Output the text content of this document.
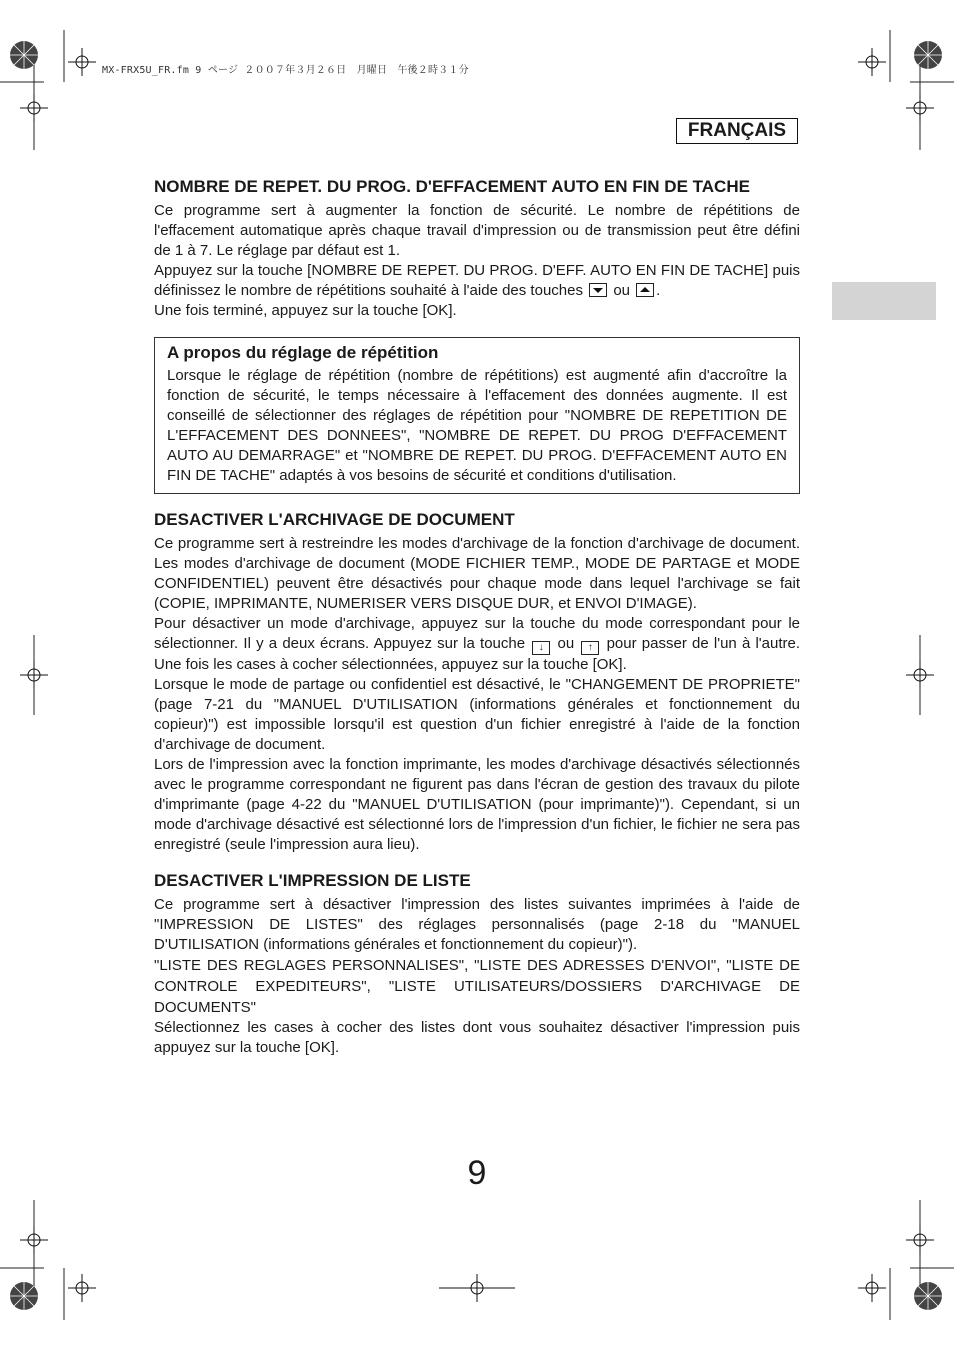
MX-FRX5U_FR.fm 9 ページ ２００７年３月２６日　月曜日　午後２時３１分
FRANÇAIS
NOMBRE DE REPET. DU PROG. D'EFFACEMENT AUTO EN FIN DE TACHE

Ce programme sert à augmenter la fonction de sécurité. Le nombre de répétitions de l'effacement automatique après chaque travail d'impression ou de transmission peut être défini de 1 à 7. Le réglage par défaut est 1.

Appuyez sur la touche [NOMBRE DE REPET. DU PROG. D'EFF. AUTO EN FIN DE TACHE] puis définissez le nombre de répétitions souhaité à l'aide des touches ou .

Une fois terminé, appuyez sur la touche [OK].

A propos du réglage de répétition

Lorsque le réglage de répétition (nombre de répétitions) est augmenté afin d'accroître la fonction de sécurité, le temps nécessaire à l'effacement des données augmente. Il est conseillé de sélectionner des réglages de répétition pour "NOMBRE DE REPETITION DE L'EFFACEMENT DES DONNEES", "NOMBRE DE REPET. DU PROG D'EFFACEMENT AUTO AU DEMARRAGE" et "NOMBRE DE REPET. DU PROG. D'EFFACEMENT AUTO EN FIN DE TACHE" adaptés à vos besoins de sécurité et conditions d'utilisation.

DESACTIVER L'ARCHIVAGE DE DOCUMENT

Ce programme sert à restreindre les modes d'archivage de la fonction d'archivage de document. Les modes d'archivage de document (MODE FICHIER TEMP., MODE DE PARTAGE et MODE CONFIDENTIEL) peuvent être désactivés pour chaque mode dans lequel l'archivage se fait (COPIE, IMPRIMANTE, NUMERISER VERS DISQUE DUR, et ENVOI D'IMAGE).

Pour désactiver un mode d'archivage, appuyez sur la touche du mode correspondant pour le sélectionner. Il y a deux écrans. Appuyez sur la touche ↓ ou ↑ pour passer de l'un à l'autre. Une fois les cases à cocher sélectionnées, appuyez sur la touche [OK].

Lorsque le mode de partage ou confidentiel est désactivé, le "CHANGEMENT DE PROPRIETE" (page 7-21 du "MANUEL D'UTILISATION (informations générales et fonctionnement du copieur)") est impossible lorsqu'il est question d'un fichier enregistré à l'aide de la fonction d'archivage de document.

Lors de l'impression avec la fonction imprimante, les modes d'archivage désactivés sélectionnés avec le programme correspondant ne figurent pas dans l'écran de gestion des travaux du pilote d'imprimante (page 4-22 du "MANUEL D'UTILISATION (pour imprimante)"). Cependant, si un mode d'archivage désactivé est sélectionné lors de l'impression d'un fichier, le fichier ne sera pas enregistré (seule l'impression aura lieu).

DESACTIVER L'IMPRESSION DE LISTE

Ce programme sert à désactiver l'impression des listes suivantes imprimées à l'aide de "IMPRESSION DE LISTES" des réglages personnalisés (page 2-18 du "MANUEL D'UTILISATION (informations générales et fonctionnement du copieur)").

"LISTE DES REGLAGES PERSONNALISES", "LISTE DES ADRESSES D'ENVOI", "LISTE DE CONTROLE EXPEDITEURS", "LISTE UTILISATEURS/DOSSIERS D'ARCHIVAGE DE DOCUMENTS"

Sélectionnez les cases à cocher des listes dont vous souhaitez désactiver l'impression puis appuyez sur la touche [OK].

9
